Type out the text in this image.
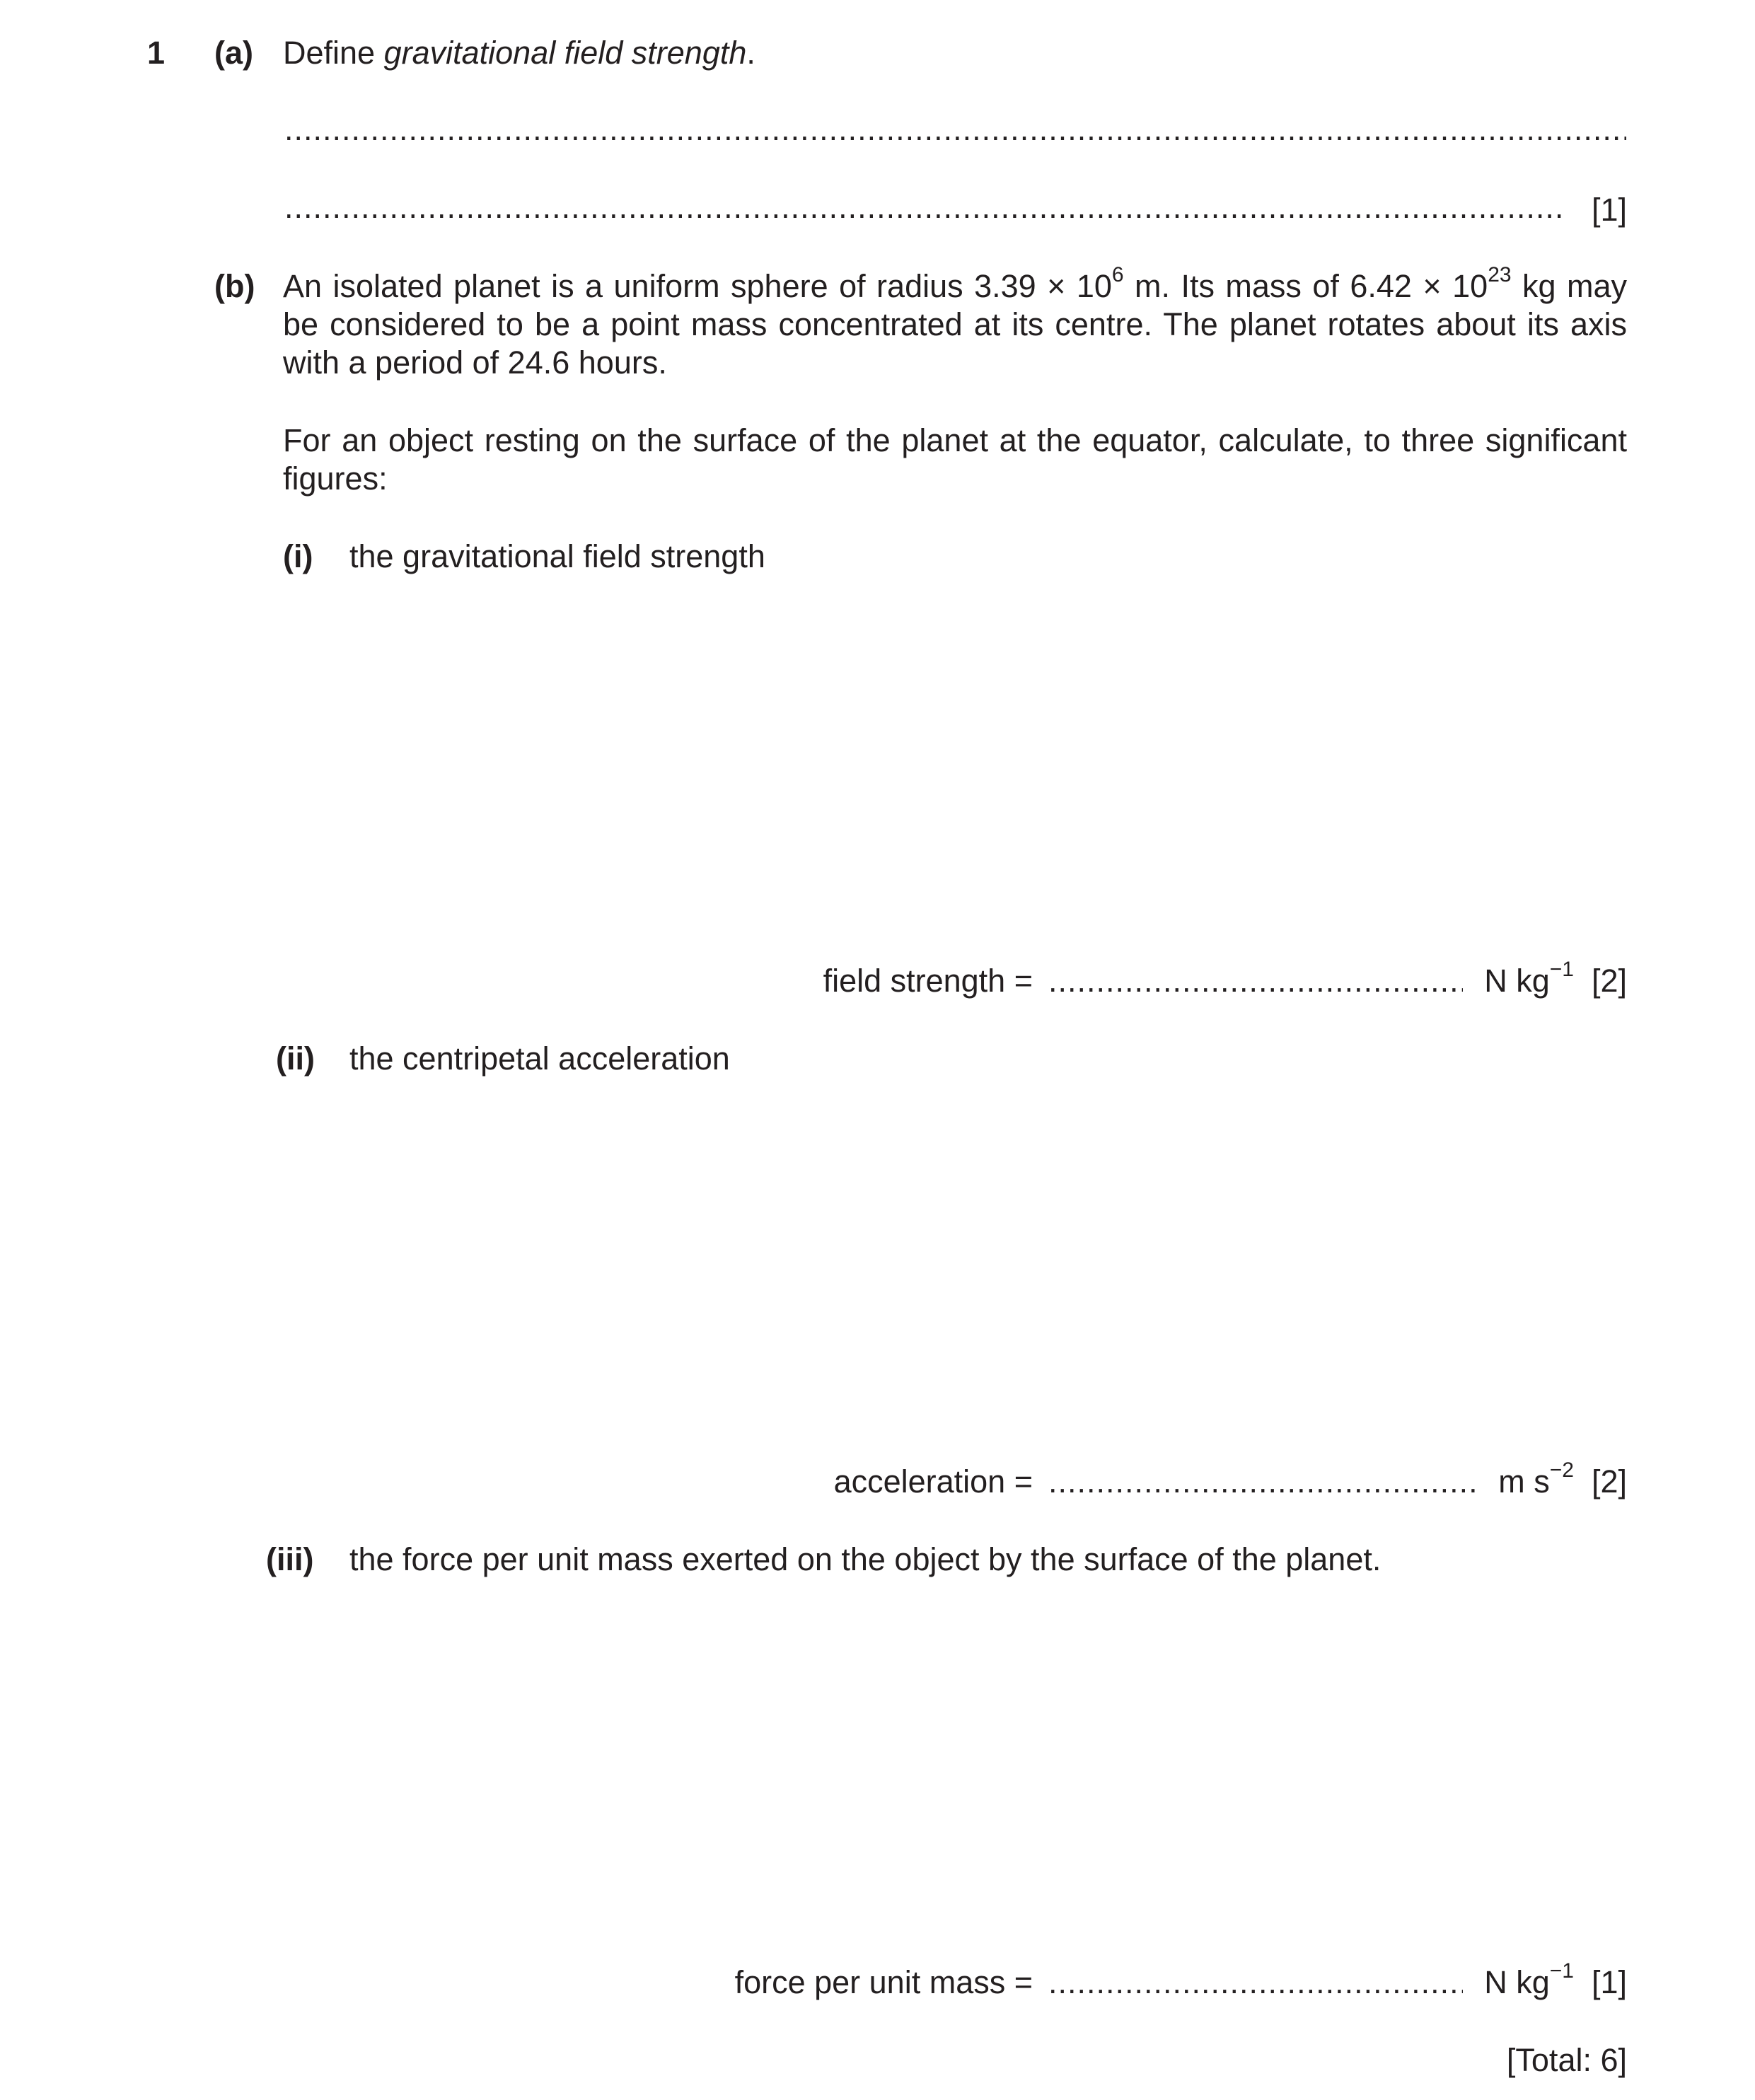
1 (a) Define gravitational field strength.
.....
.....
[1]
(b) An isolated planet is a uniform sphere of radius $3.39 \times 10^6$ m. Its mass of $6.42 \times 10^{23}$ kg may be considered to be a point mass concentrated at its centre. The planet rotates about its axis with a period of 24.6 hours.
For an object resting on the surface of the planet at the equator, calculate, to three significant figures:
(i) the gravitational field strength
field strength = .....	N $kg^{-1}$ [2]
(ii) the centripetal acceleration
acceleration = .....	m $s^{-2}$ [2]
(iii) the force per unit mass exerted on the object by the surface of the planet.
force per unit mass = .....	N $kg^{-1}$ [1]
[Total: 6]
